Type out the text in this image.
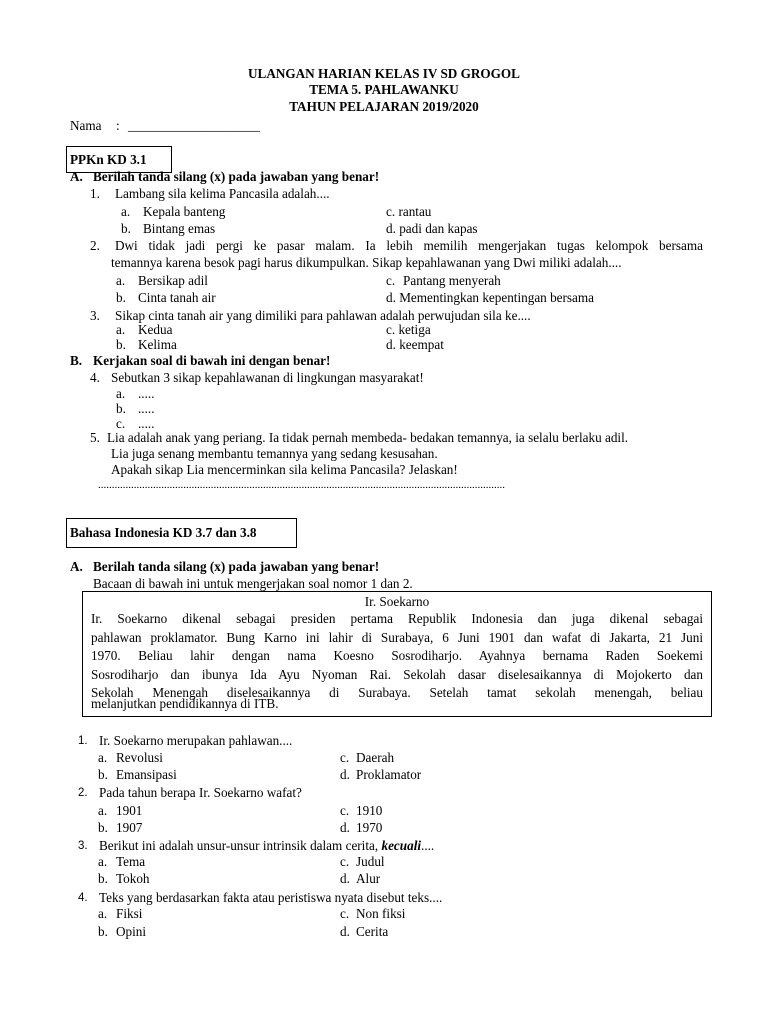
ULANGAN HARIAN KELAS IV SD GROGOL
TEMA 5. PAHLAWANKU
TAHUN PELAJARAN 2019/2020
Nama : ____________________
PPKn KD 3.1
A. Berilah tanda silang (x) pada jawaban yang benar!
1. Lambang sila kelima Pancasila adalah....
a. Kepala banteng	c. rantau
b. Bintang emas	d. padi dan kapas
2. Dwi tidak jadi pergi ke pasar malam. Ia lebih memilih mengerjakan tugas kelompok bersama
temannya karena besok pagi harus dikumpulkan. Sikap kepahlawanan yang Dwi miliki adalah....
a. Bersikap adil	c. Pantang menyerah
b. Cinta tanah air	d. Mementingkan kepentingan bersama
3. Sikap cinta tanah air yang dimiliki para pahlawan adalah perwujudan sila ke....
a. Kedua	c. ketiga
b. Kelima	d. keempat
B. Kerjakan soal di bawah ini dengan benar!
4. Sebutkan 3 sikap kepahlawanan di lingkungan masyarakat!
a. .....
b. .....
c. .....
5. Lia adalah anak yang periang. Ia tidak pernah membeda- bedakan temannya, ia selalu berlaku adil.
Lia juga senang membantu temannya yang sedang kesusahan.
Apakah sikap Lia mencerminkan sila kelima Pancasila? Jelaskan!
....................................................................................................................................................
Bahasa Indonesia KD 3.7 dan 3.8
A. Berilah tanda silang (x) pada jawaban yang benar!
Bacaan di bawah ini untuk mengerjakan soal nomor 1 dan 2.
Ir. Soekarno
Ir. Soekarno dikenal sebagai presiden pertama Republik Indonesia dan juga dikenal sebagai
pahlawan proklamator. Bung Karno ini lahir di Surabaya, 6 Juni 1901 dan wafat di Jakarta, 21 Juni
1970. Beliau lahir dengan nama Koesno Sosrodiharjo. Ayahnya bernama Raden Soekemi
Sosrodiharjo dan ibunya Ida Ayu Nyoman Rai. Sekolah dasar diselesaikannya di Mojokerto dan
Sekolah Menengah diselesaikannya di Surabaya. Setelah tamat sekolah menengah, beliau
melanjutkan pendidikannya di ITB.
1. Ir. Soekarno merupakan pahlawan....
a. Revolusi	c. Daerah
b. Emansipasi	d. Proklamator
2. Pada tahun berapa Ir. Soekarno wafat?
a. 1901	c. 1910
b. 1907	d. 1970
3. Berikut ini adalah unsur-unsur intrinsik dalam cerita, kecuali....
a. Tema	c. Judul
b. Tokoh	d. Alur
4. Teks yang berdasarkan fakta atau peristiswa nyata disebut teks....
a. Fiksi	c. Non fiksi
b. Opini	d. Cerita
